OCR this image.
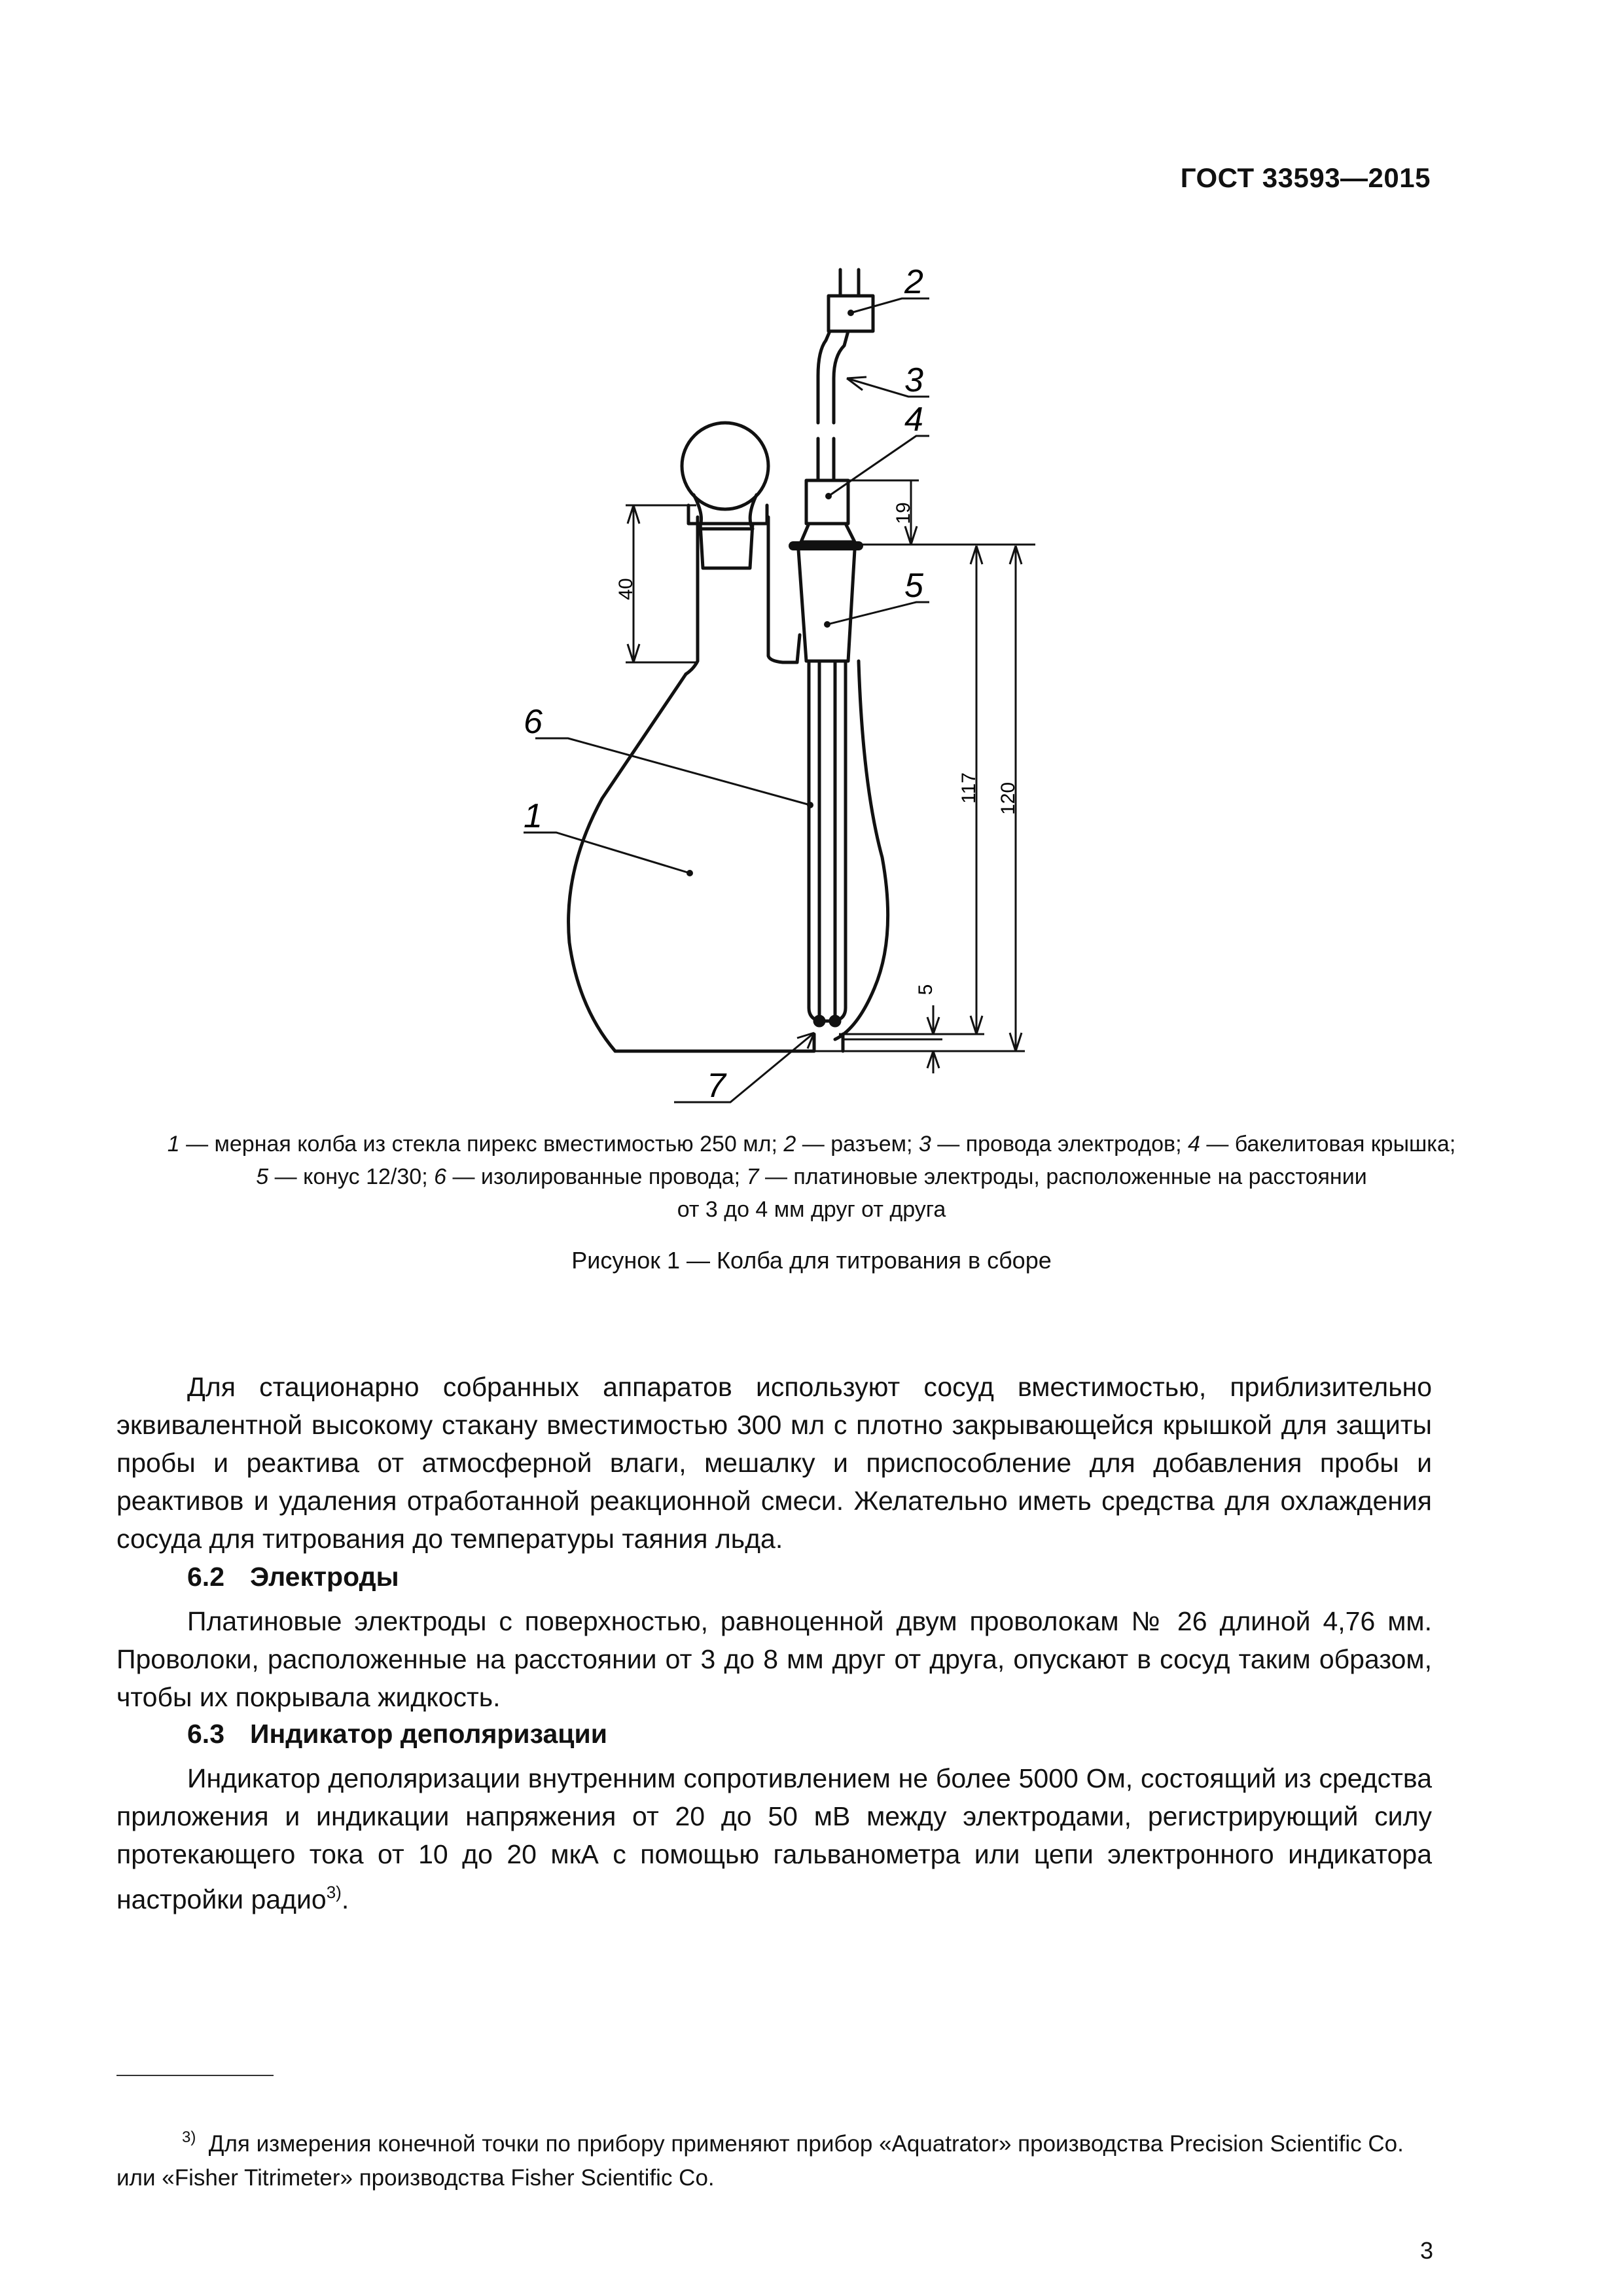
ГОСТ 33593—2015
2
3
4
5
6
1
7
40
19
117 120
5
1 — мерная колба из стекла пирекс вместимостью 250 мл; 2 — разъем; 3 — провода электродов; 4 — бакелитовая крышка;
5 — конус 12/30; 6 — изолированные провода; 7 — платиновые электроды, расположенные на расстоянии
от 3 до 4 мм друг от друга
Рисунок 1 — Колба для титрования в сборе
Для стационарно собранных аппаратов используют сосуд вместимостью, приблизительно эквивалентной высокому стакану вместимостью 300 мл с плотно закрывающейся крышкой для защиты пробы и реактива от атмосферной влаги, мешалку и приспособление для добавления пробы и реактивов и удаления отработанной реакционной смеси. Желательно иметь средства для охлаждения сосуда для титрования до температуры таяния льда.
6.2 Электроды
Платиновые электроды с поверхностью, равноценной двум проволокам № 26 длиной 4,76 мм. Проволоки, расположенные на расстоянии от 3 до 8 мм друг от друга, опускают в сосуд таким образом, чтобы их покрывала жидкость.
6.3 Индикатор деполяризации
Индикатор деполяризации внутренним сопротивлением не более 5000 Ом, состоящий из средства приложения и индикации напряжения от 20 до 50 мВ между электродами, регистрирующий силу протекающего тока от 10 до 20 мкА с помощью гальванометра или цепи электронного индикатора настройки радио$^{3)}$.
$^{3)}$ Для измерения конечной точки по прибору применяют прибор «Aquatrator» производства Precision Scientific Co. или «Fisher Titrimeter» производства Fisher Scientific Co.
3
